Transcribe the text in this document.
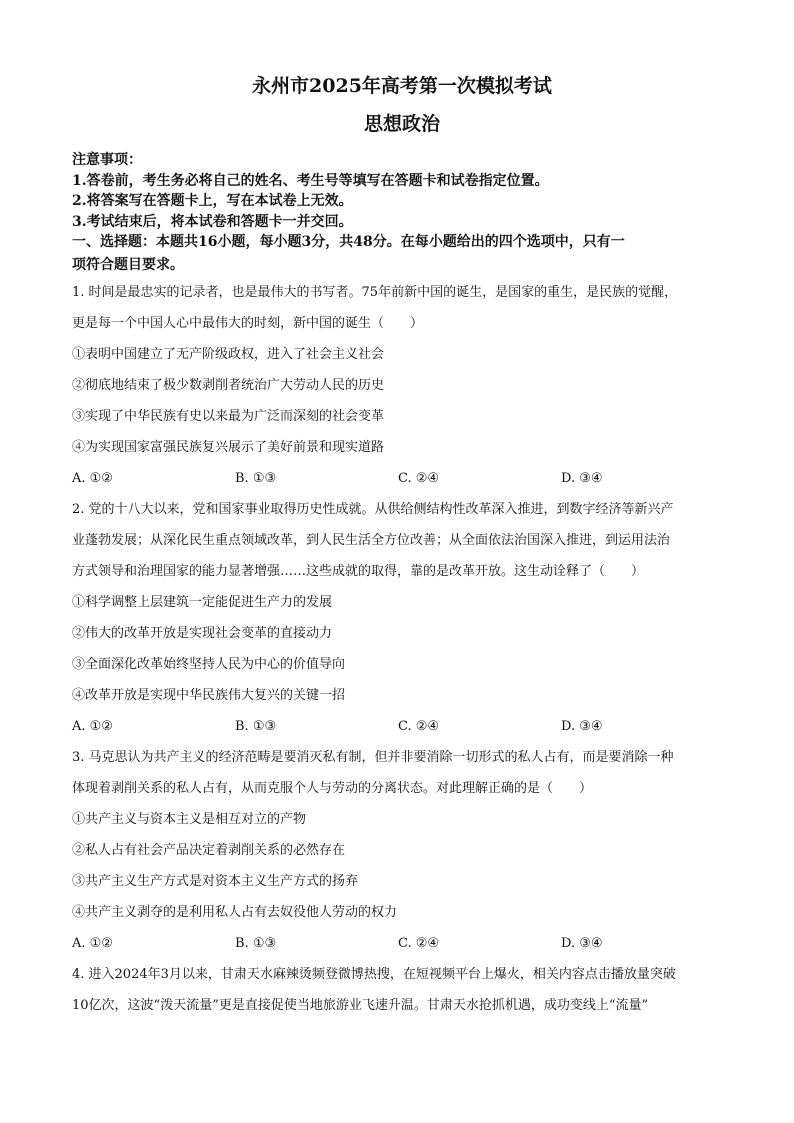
永州市2025年高考第一次模拟考试
思想政治

注意事项：

1.答卷前，考生务必将自己的姓名、考生号等填写在答题卡和试卷指定位置。

2.将答案写在答题卡上，写在本试卷上无效。

3.考试结束后，将本试卷和答题卡一并交回。

一、选择题：本题共16小题，每小题3分，共48分。在每小题给出的四个选项中，只有一

项符合题目要求。

1. 时间是最忠实的记录者，也是最伟大的书写者。75年前新中国的诞生，是国家的重生，是民族的觉醒，

更是每一个中国人心中最伟大的时刻，新中国的诞生（　　）

①表明中国建立了无产阶级政权，进入了社会主义社会

②彻底地结束了极少数剥削者统治广大劳动人民的历史

③实现了中华民族有史以来最为广泛而深刻的社会变革

④为实现国家富强民族复兴展示了美好前景和现实道路

A. ①②	B. ①③	C. ②④	D. ③④

2. 党的十八大以来，党和国家事业取得历史性成就。从供给侧结构性改革深入推进，到数字经济等新兴产

业蓬勃发展；从深化民生重点领域改革，到人民生活全方位改善；从全面依法治国深入推进，到运用法治

方式领导和治理国家的能力显著增强……这些成就的取得，靠的是改革开放。这生动诠释了（　　）

①科学调整上层建筑一定能促进生产力的发展

②伟大的改革开放是实现社会变革的直接动力

③全面深化改革始终坚持人民为中心的价值导向

④改革开放是实现中华民族伟大复兴的关键一招

A. ①②	B. ①③	C. ②④	D. ③④

3. 马克思认为共产主义的经济范畴是要消灭私有制，但并非要消除一切形式的私人占有，而是要消除一种

体现着剥削关系的私人占有，从而克服个人与劳动的分离状态。对此理解正确的是（　　）

①共产主义与资本主义是相互对立的产物

②私人占有社会产品决定着剥削关系的必然存在

③共产主义生产方式是对资本主义生产方式的扬弃

④共产主义剥夺的是利用私人占有去奴役他人劳动的权力

A. ①②	B. ①③	C. ②④	D. ③④

4. 进入2024年3月以来，甘肃天水麻辣烫频登微博热搜，在短视频平台上爆火，相关内容点击播放量突破

10亿次，这波“泼天流量”更是直接促使当地旅游业飞速升温。甘肃天水抢抓机遇，成功变线上“流量”
